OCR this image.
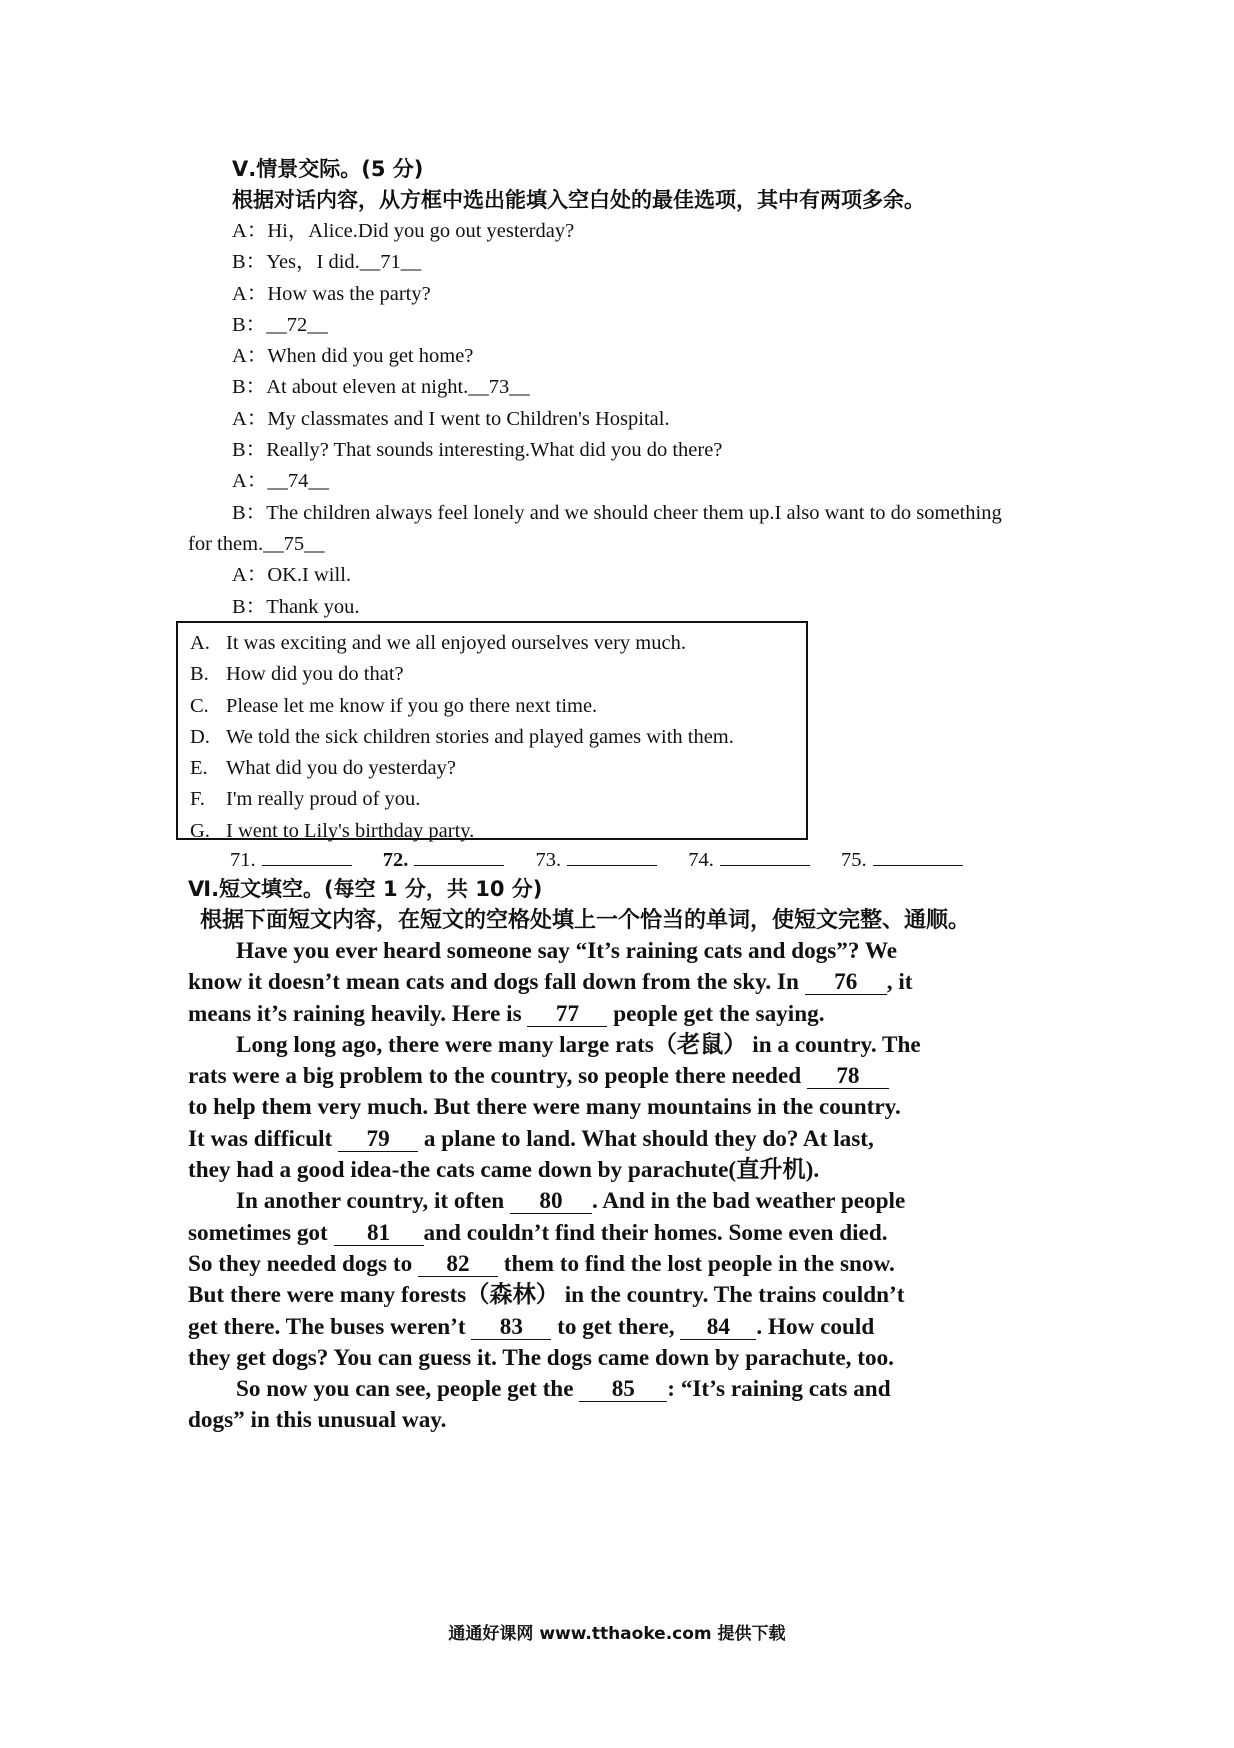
Ⅴ.情景交际。(5 分)

根据对话内容，从方框中选出能填入空白处的最佳选项，其中有两项多余。

A：Hi，Alice.Did you go out yesterday?
B：Yes，I did.__71__
A：How was the party?
B：__72__
A：When did you get home?
B：At about eleven at night.__73__
A：My classmates and I went to Children's Hospital.
B：Really? That sounds interesting.What did you do there?
A：__74__
B：The children always feel lonely and we should cheer them up.I also want to do something
for them.__75__
A：OK.I will.
B：Thank you.
A. It was exciting and we all enjoyed ourselves very much.
B. How did you do that?
C. Please let me know if you go there next time.
D. We told the sick children stories and played games with them.
E. What did you do yesterday?
F. I'm really proud of you.
G. I went to Lily's birthday party.
71.	72.	73.	74.	75.

Ⅵ.短文填空。(每空 1 分，共 10 分)

根据下面短文内容，在短文的空格处填上一个恰当的单词，使短文完整、通顺。
Have you ever heard someone say “It’s raining cats and dogs”? We
know it doesn’t mean cats and dogs fall down from the sky. In 76 , it
means it’s raining heavily. Here is 77 people get the saying.
Long long ago, there were many large rats（老鼠） in a country. The
rats were a big problem to the country, so people there needed 78
to help them very much. But there were many mountains in the country.
It was difficult 79 a plane to land. What should they do? At last,
they had a good idea-the cats came down by parachute(直升机).
In another country, it often 80 . And in the bad weather people
sometimes got 81 and couldn’t find their homes. Some even died.
So they needed dogs to 82 them to find the lost people in the snow.
But there were many forests（森林） in the country. The trains couldn’t
get there. The buses weren’t 83 to get there, 84 . How could
they get dogs? You can guess it. The dogs came down by parachute, too.
So now you can see, people get the 85 : “It’s raining cats and
dogs” in this unusual way.
通通好课网 www.tthaoke.com 提供下载
